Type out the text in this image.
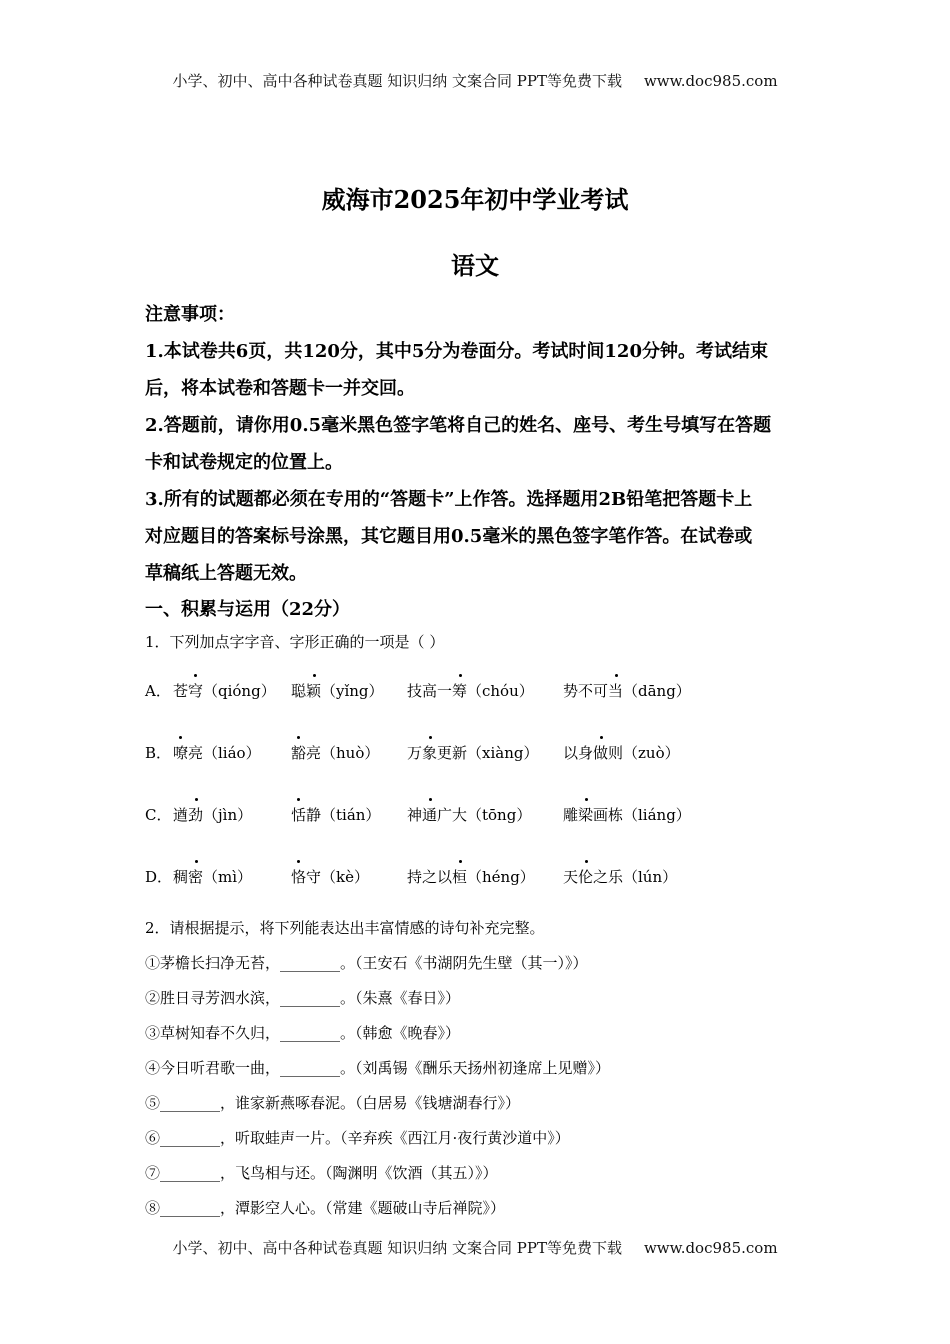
小学、初中、高中各种试卷真题 知识归纳 文案合同 PPT等免费下载 www.doc985.com
威海市2025年初中学业考试
语文
注意事项：
1.本试卷共6页，共120分，其中5分为卷面分。考试时间120分钟。考试结束
后，将本试卷和答题卡一并交回。
2.答题前，请你用0.5毫米黑色签字笔将自己的姓名、座号、考生号填写在答题
卡和试卷规定的位置上。
3.所有的试题都必须在专用的“答题卡”上作答。选择题用2B铅笔把答题卡上
对应题目的答案标号涂黑，其它题目用0.5毫米的黑色签字笔作答。在试卷或
草稿纸上答题无效。
一、积累与运用（22分）
1．下列加点字字音、字形正确的一项是（ ）
A． 苍穹（qióng） 聪颖（yǐng） 技高一筹（chóu） 势不可当（dāng）
B． 嘹亮（liáo） 豁亮（huò） 万象更新（xiàng） 以身做则（zuò）
C． 遒劲（jìn）	恬静（tián） 神通广大（tōng） 雕梁画栋（liáng）
D． 稠密（mì）	恪守（kè）	持之以桓（héng） 天伦之乐（lún）
2．请根据提示，将下列能表达出丰富情感的诗句补充完整。
①茅檐长扫净无苔，________。（王安石《书湖阴先生壁（其一）》）
②胜日寻芳泗水滨，________。（朱熹《春日》）
③草树知春不久归，________。（韩愈《晚春》）
④今日听君歌一曲，________。（刘禹锡《酬乐天扬州初逢席上见赠》）
⑤________，谁家新燕啄春泥。（白居易《钱塘湖春行》）
⑥________，听取蛙声一片。（辛弃疾《西江月·夜行黄沙道中》）
⑦________，飞鸟相与还。（陶渊明《饮酒（其五）》）
⑧________，潭影空人心。（常建《题破山寺后禅院》）
小学、初中、高中各种试卷真题 知识归纳 文案合同 PPT等免费下载 www.doc985.com
